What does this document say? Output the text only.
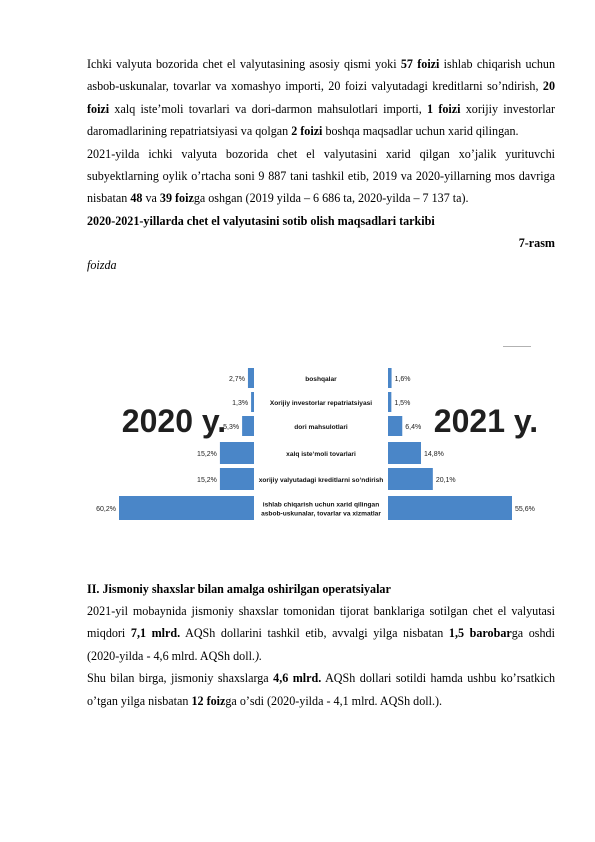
Ichki valyuta bozorida chet el valyutasining asosiy qismi yoki 57 foizi ishlab chiqarish uchun asbob-uskunalar, tovarlar va xomashyo importi, 20 foizi valyutadagi kreditlarni soʼndirish, 20 foizi xalq isteʼmoli tovarlari va dori-darmon mahsulotlari importi, 1 foizi xorijiy investorlar daromadlarining repatriatsiyasi va qolgan 2 foizi boshqa maqsadlar uchun xarid qilingan.

2021-yilda ichki valyuta bozorida chet el valyutasini xarid qilgan xoʼjalik yurituvchi subyektlarning oylik oʼrtacha soni 9 887 tani tashkil etib, 2019 va 2020-yillarning mos davriga nisbatan 48 va 39 foizga oshgan (2019 yilda – 6 686 ta, 2020-yilda – 7 137 ta).

2020-2021-yillarda chet el valyutasini sotib olish maqsadlari tarkibi

7-rasm

foizda

..............
2,7%	1,6%
boshqalar
1,3%	1,5%
Xorijiy investorlar repatriatsiyasi
5,3%	6,4%
dori mahsulotlari
15,2%	14,8%
xalq isteʼmoli tovarlari
15,2%	20,1%
xorijiy valyutadagi kreditlarni soʼndirish
60,2%	55,6%
ishlab chiqarish uchun xarid qilingan
asbob-uskunalar, tovarlar va xizmatlar
2020 y.	2021 y.

II. Jismoniy shaxslar bilan amalga oshirilgan operatsiyalar

2021-yil mobaynida jismoniy shaxslar tomonidan tijorat banklariga sotilgan chet el valyutasi miqdori 7,1 mlrd. AQSh dollarini tashkil etib, avvalgi yilga nisbatan 1,5 barobarga oshdi (2020-yilda - 4,6 mlrd. AQSh doll.).

Shu bilan birga, jismoniy shaxslarga 4,6 mlrd. AQSh dollari sotildi hamda ushbu koʼrsatkich oʼtgan yilga nisbatan 12 foizga oʼsdi (2020-yilda - 4,1 mlrd. AQSh doll.).
